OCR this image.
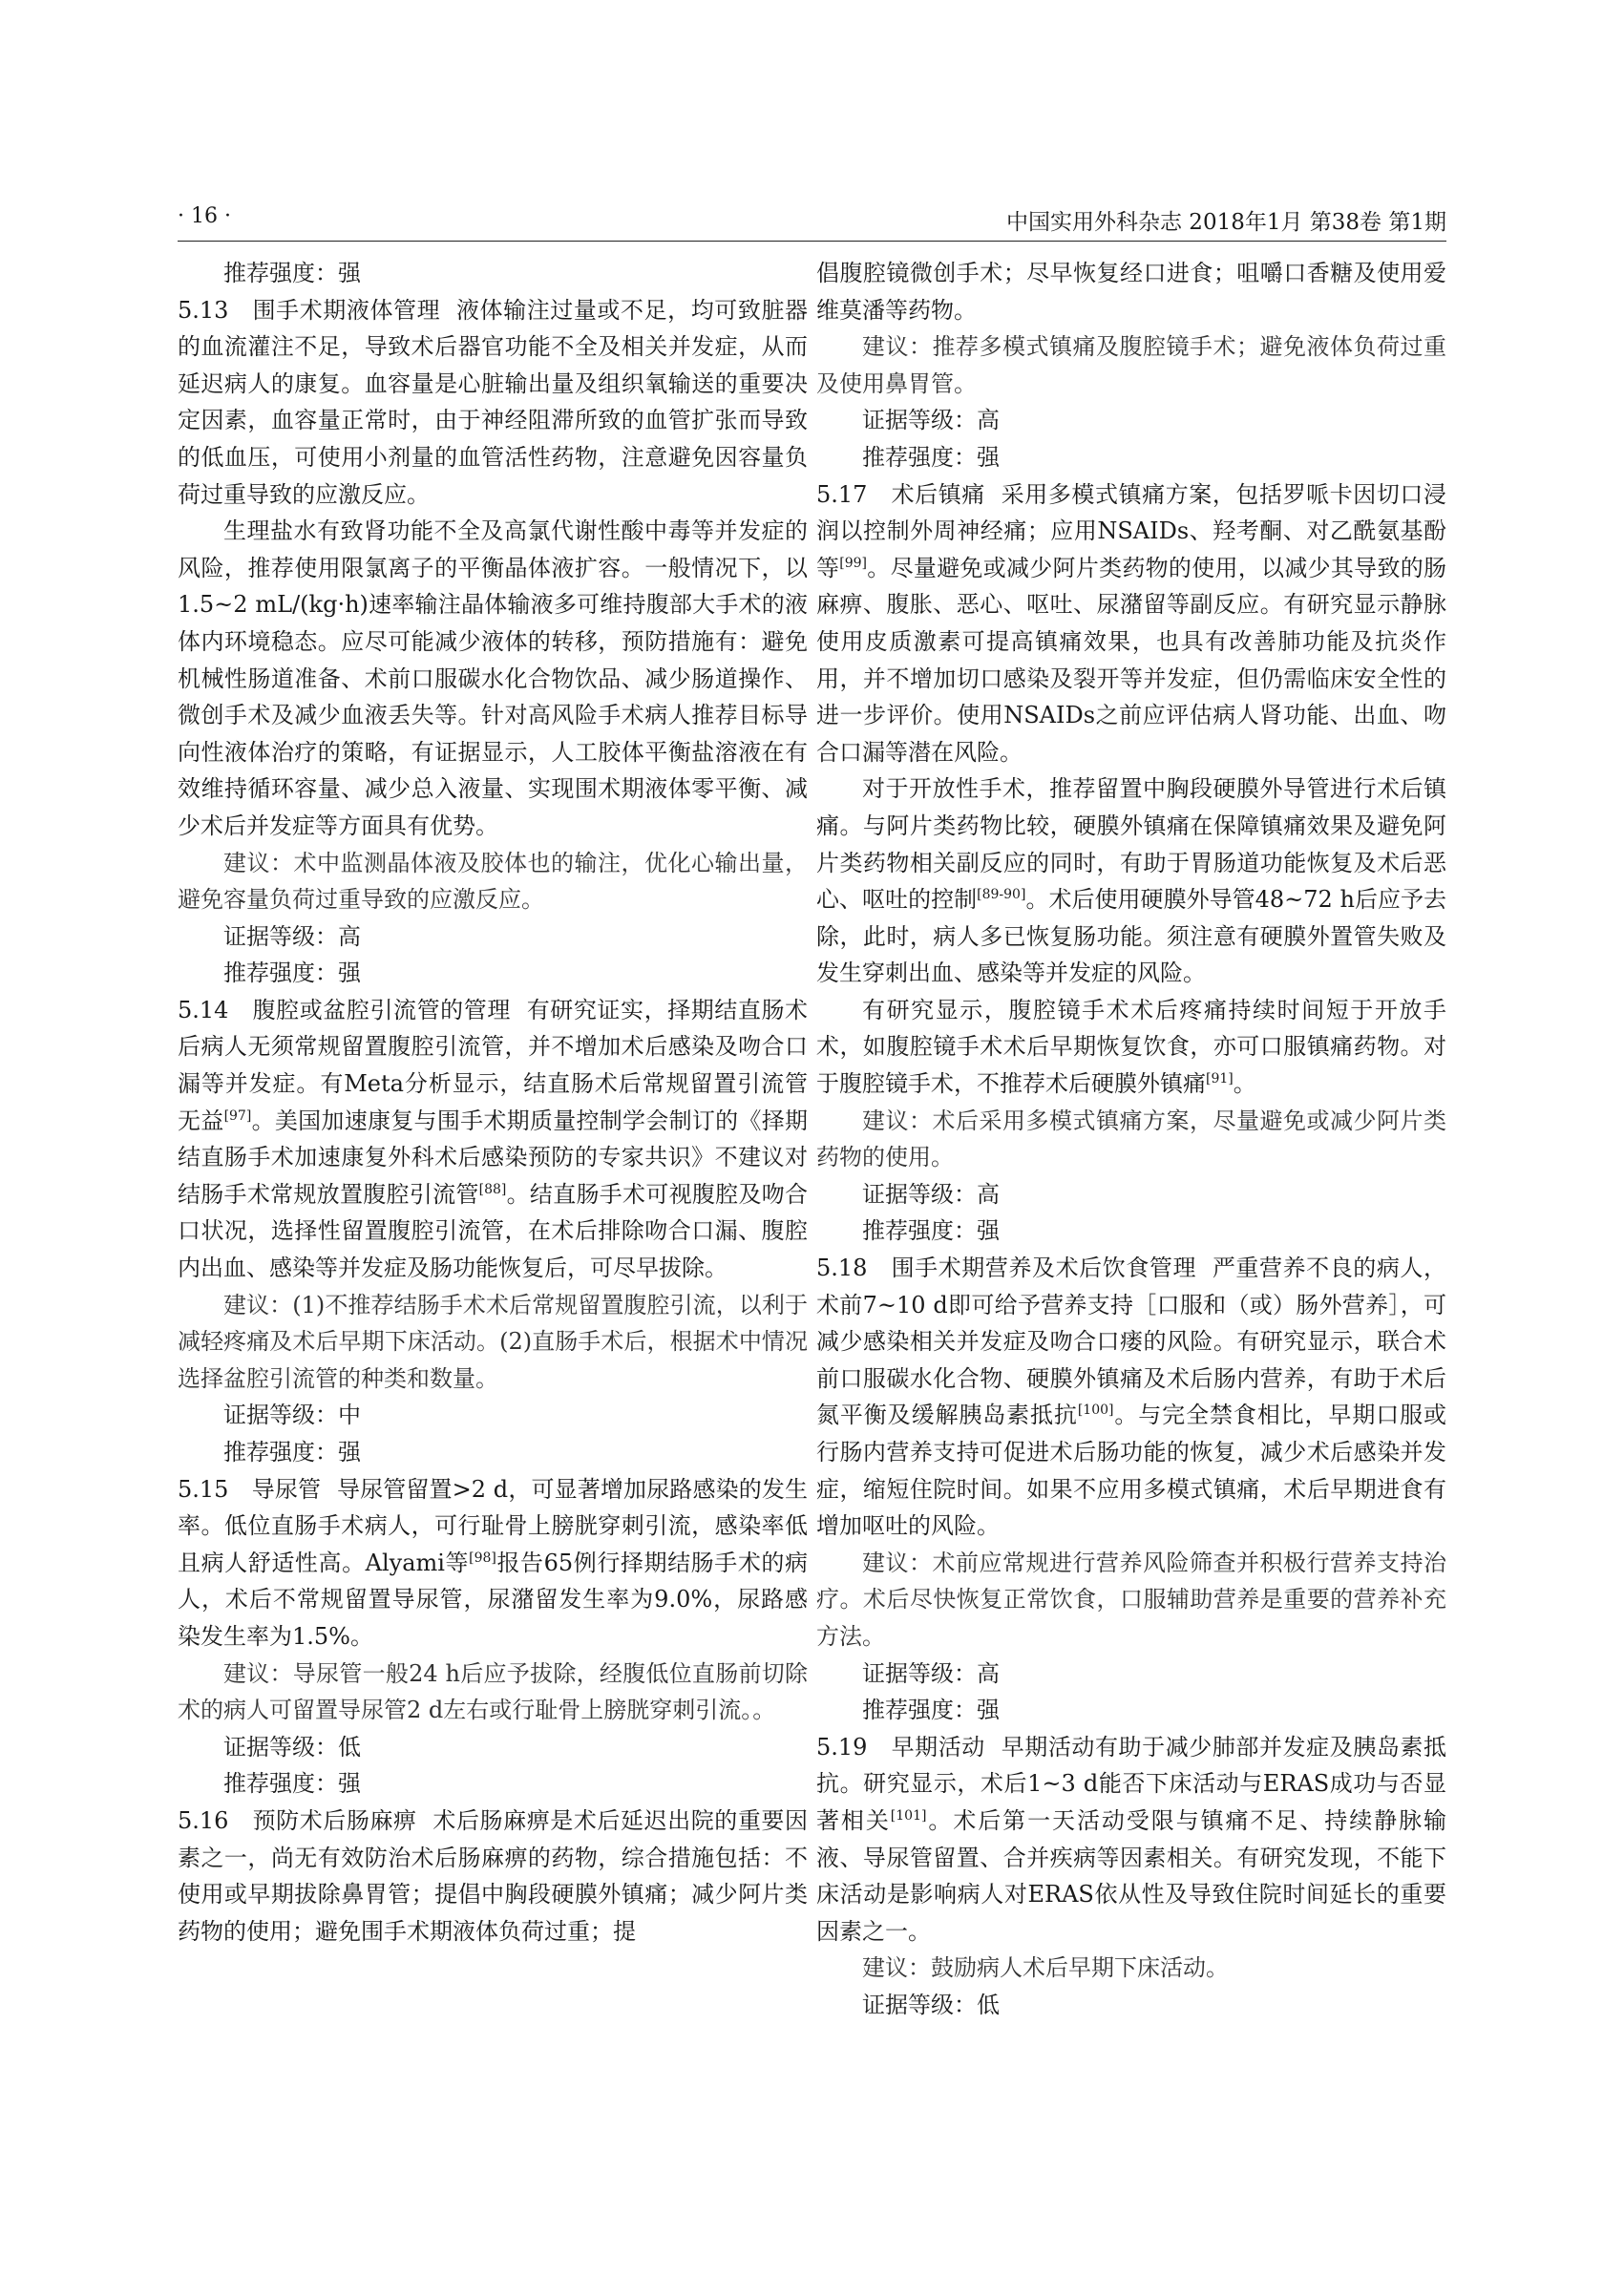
· 16 ·	中国实用外科杂志 2018年1月 第38卷 第1期

推荐强度：强

5.13　围手术期液体管理 液体输注过量或不足，均可致脏器的血流灌注不足，导致术后器官功能不全及相关并发症，从而延迟病人的康复。血容量是心脏输出量及组织氧输送的重要决定因素，血容量正常时，由于神经阻滞所致的血管扩张而导致的低血压，可使用小剂量的血管活性药物，注意避免因容量负荷过重导致的应激反应。

生理盐水有致肾功能不全及高氯代谢性酸中毒等并发症的风险，推荐使用限氯离子的平衡晶体液扩容。一般情况下，以1.5~2 mL/(kg·h)速率输注晶体输液多可维持腹部大手术的液体内环境稳态。应尽可能减少液体的转移，预防措施有：避免机械性肠道准备、术前口服碳水化合物饮品、减少肠道操作、微创手术及减少血液丢失等。针对高风险手术病人推荐目标导向性液体治疗的策略，有证据显示，人工胶体平衡盐溶液在有效维持循环容量、减少总入液量、实现围术期液体零平衡、减少术后并发症等方面具有优势。

建议：术中监测晶体液及胶体也的输注，优化心输出量，避免容量负荷过重导致的应激反应。

证据等级：高

推荐强度：强

5.14　腹腔或盆腔引流管的管理 有研究证实，择期结直肠术后病人无须常规留置腹腔引流管，并不增加术后感染及吻合口漏等并发症。有Meta分析显示，结直肠术后常规留置引流管无益[97]。美国加速康复与围手术期质量控制学会制订的《择期结直肠手术加速康复外科术后感染预防的专家共识》不建议对结肠手术常规放置腹腔引流管[88]。结直肠手术可视腹腔及吻合口状况，选择性留置腹腔引流管，在术后排除吻合口漏、腹腔内出血、感染等并发症及肠功能恢复后，可尽早拔除。

建议：(1)不推荐结肠手术术后常规留置腹腔引流，以利于减轻疼痛及术后早期下床活动。(2)直肠手术后，根据术中情况选择盆腔引流管的种类和数量。

证据等级：中

推荐强度：强

5.15　导尿管 导尿管留置>2 d，可显著增加尿路感染的发生率。低位直肠手术病人，可行耻骨上膀胱穿刺引流，感染率低且病人舒适性高。Alyami等[98]报告65例行择期结肠手术的病人，术后不常规留置导尿管，尿潴留发生率为9.0%，尿路感染发生率为1.5%。

建议：导尿管一般24 h后应予拔除，经腹低位直肠前切除术的病人可留置导尿管2 d左右或行耻骨上膀胱穿刺引流。。

证据等级：低

推荐强度：强

5.16　预防术后肠麻痹 术后肠麻痹是术后延迟出院的重要因素之一，尚无有效防治术后肠麻痹的药物，综合措施包括：不使用或早期拔除鼻胃管；提倡中胸段硬膜外镇痛；减少阿片类药物的使用；避免围手术期液体负荷过重；提

倡腹腔镜微创手术；尽早恢复经口进食；咀嚼口香糖及使用爱维莫潘等药物。

建议：推荐多模式镇痛及腹腔镜手术；避免液体负荷过重及使用鼻胃管。

证据等级：高

推荐强度：强

5.17　术后镇痛 采用多模式镇痛方案，包括罗哌卡因切口浸润以控制外周神经痛；应用NSAIDs、羟考酮、对乙酰氨基酚等[99]。尽量避免或减少阿片类药物的使用，以减少其导致的肠麻痹、腹胀、恶心、呕吐、尿潴留等副反应。有研究显示静脉使用皮质激素可提高镇痛效果，也具有改善肺功能及抗炎作用，并不增加切口感染及裂开等并发症，但仍需临床安全性的进一步评价。使用NSAIDs之前应评估病人肾功能、出血、吻合口漏等潜在风险。

对于开放性手术，推荐留置中胸段硬膜外导管进行术后镇痛。与阿片类药物比较，硬膜外镇痛在保障镇痛效果及避免阿片类药物相关副反应的同时，有助于胃肠道功能恢复及术后恶心、呕吐的控制[89-90]。术后使用硬膜外导管48~72 h后应予去除，此时，病人多已恢复肠功能。须注意有硬膜外置管失败及发生穿刺出血、感染等并发症的风险。

有研究显示，腹腔镜手术术后疼痛持续时间短于开放手术，如腹腔镜手术术后早期恢复饮食，亦可口服镇痛药物。对于腹腔镜手术，不推荐术后硬膜外镇痛[91]。

建议：术后采用多模式镇痛方案，尽量避免或减少阿片类药物的使用。

证据等级：高

推荐强度：强

5.18　围手术期营养及术后饮食管理 严重营养不良的病人，术前7~10 d即可给予营养支持［口服和（或）肠外营养］，可减少感染相关并发症及吻合口瘘的风险。有研究显示，联合术前口服碳水化合物、硬膜外镇痛及术后肠内营养，有助于术后氮平衡及缓解胰岛素抵抗[100]。与完全禁食相比，早期口服或行肠内营养支持可促进术后肠功能的恢复，减少术后感染并发症，缩短住院时间。如果不应用多模式镇痛，术后早期进食有增加呕吐的风险。

建议：术前应常规进行营养风险筛查并积极行营养支持治疗。术后尽快恢复正常饮食，口服辅助营养是重要的营养补充方法。

证据等级：高

推荐强度：强

5.19　早期活动 早期活动有助于减少肺部并发症及胰岛素抵抗。研究显示，术后1~3 d能否下床活动与ERAS成功与否显著相关[101]。术后第一天活动受限与镇痛不足、持续静脉输液、导尿管留置、合并疾病等因素相关。有研究发现，不能下床活动是影响病人对ERAS依从性及导致住院时间延长的重要因素之一。

建议：鼓励病人术后早期下床活动。

证据等级：低
